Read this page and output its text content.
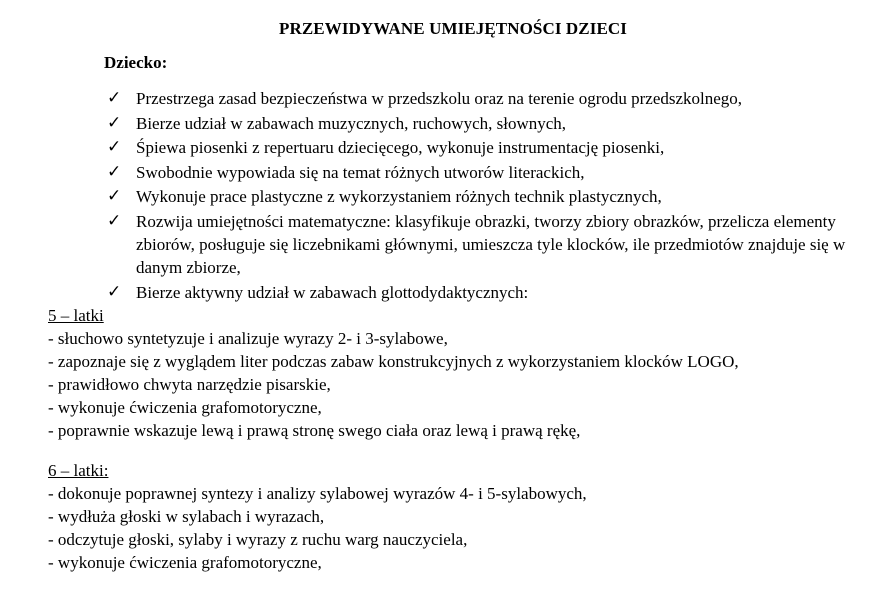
PRZEWIDYWANE UMIEJĘTNOŚCI DZIECI
Dziecko:
✓ Przestrzega zasad bezpieczeństwa w przedszkolu oraz na terenie ogrodu przedszkolnego,
✓ Bierze udział w zabawach muzycznych, ruchowych, słownych,
✓ Śpiewa piosenki z repertuaru dziecięcego, wykonuje instrumentację piosenki,
✓ Swobodnie wypowiada się na temat różnych utworów literackich,
✓ Wykonuje prace plastyczne z wykorzystaniem różnych technik plastycznych,
✓ Rozwija umiejętności matematyczne: klasyfikuje obrazki, tworzy zbiory obrazków, przelicza elementy zbiorów, posługuje się liczebnikami głównymi, umieszcza tyle klocków, ile przedmiotów znajduje się w danym zbiorze,
✓ Bierze aktywny udział w zabawach glottodydaktycznych:
5 – latki
- słuchowo syntetyzuje i analizuje wyrazy 2- i 3-sylabowe,
- zapoznaje się z wyglądem liter podczas zabaw konstrukcyjnych z wykorzystaniem klocków LOGO,
- prawidłowo chwyta narzędzie pisarskie,
- wykonuje ćwiczenia grafomotoryczne,
- poprawnie wskazuje lewą i prawą stronę swego ciała oraz lewą i prawą rękę,
6 – latki:
- dokonuje poprawnej syntezy i analizy sylabowej wyrazów 4- i 5-sylabowych,
- wydłuża głoski w sylabach i wyrazach,
- odczytuje głoski, sylaby i wyrazy z ruchu warg nauczyciela,
- wykonuje ćwiczenia grafomotoryczne,
